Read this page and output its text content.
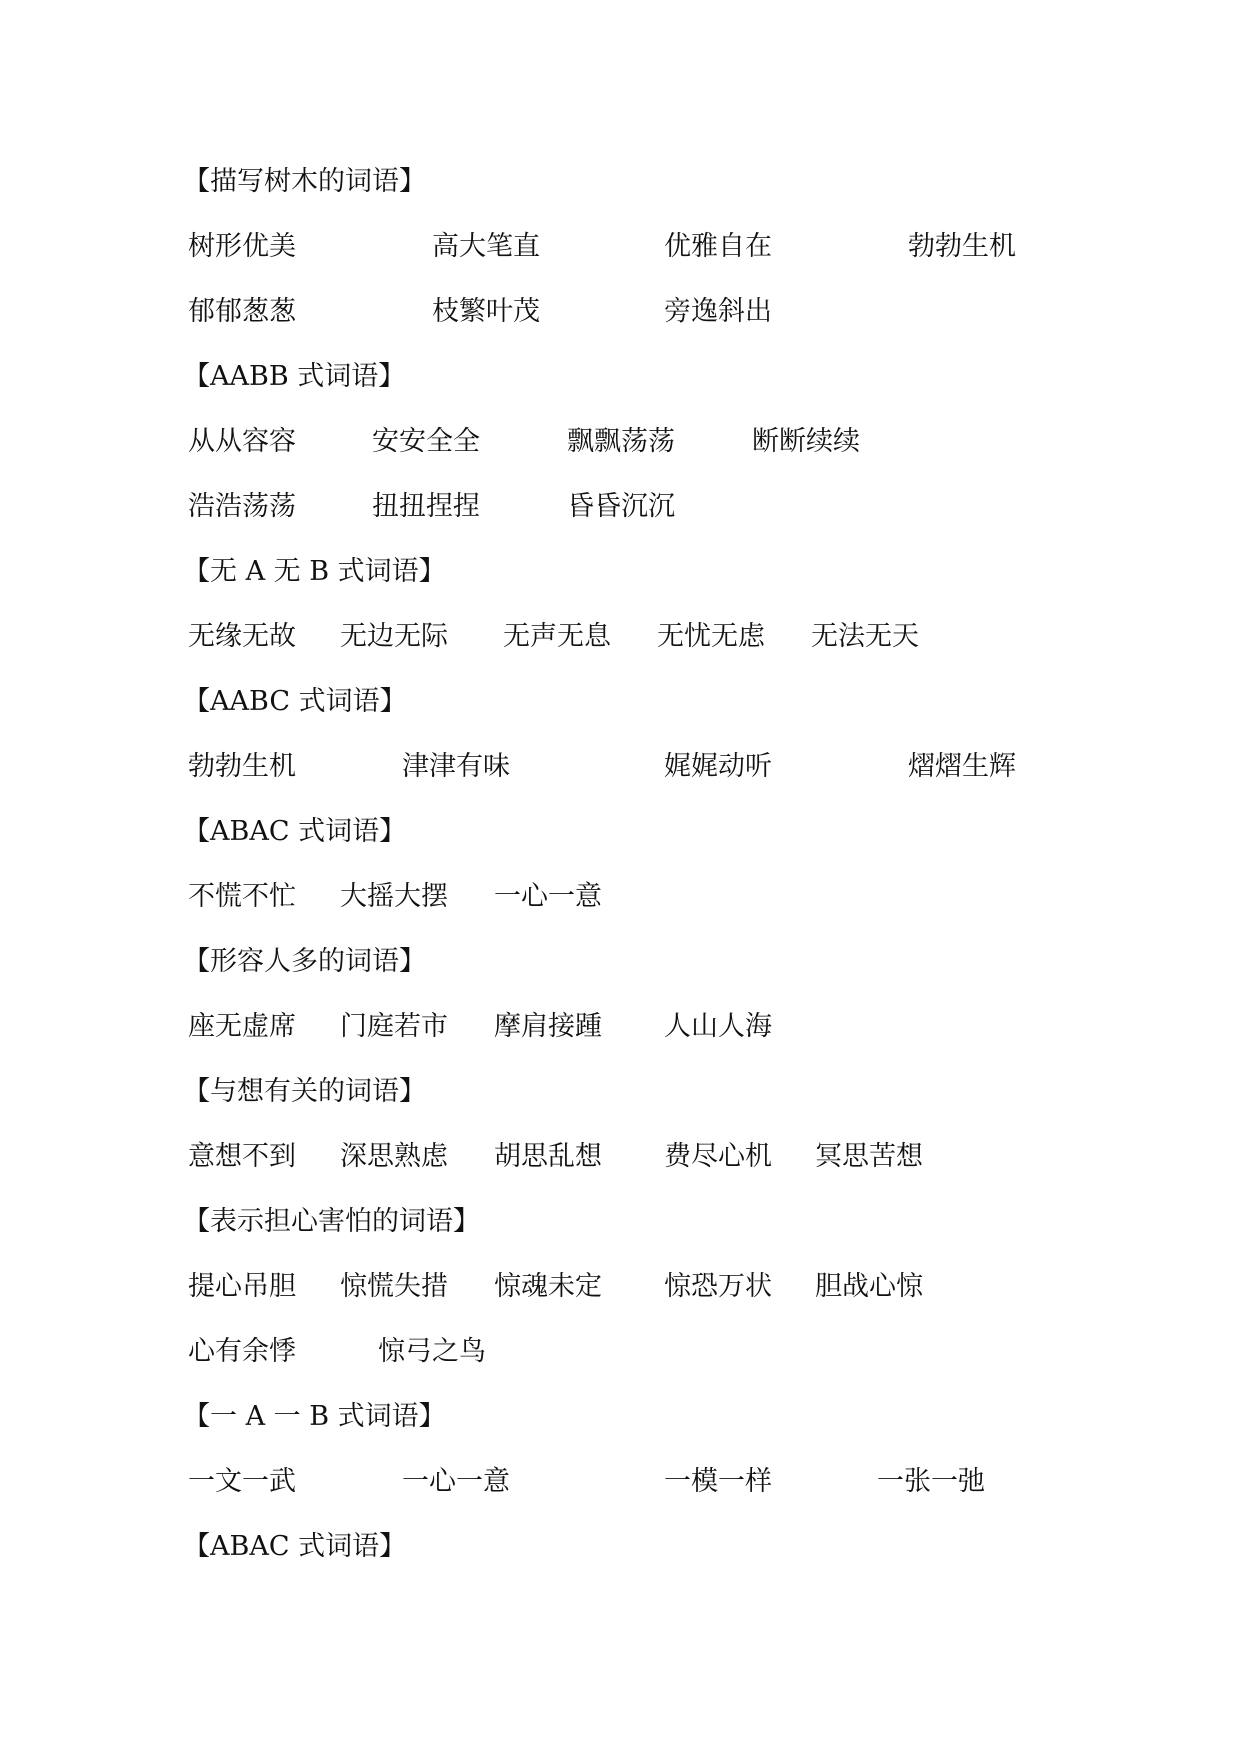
【描写树木的词语】
树形优美	高大笔直	优雅自在	勃勃生机
郁郁葱葱	枝繁叶茂	旁逸斜出
【AABB 式词语】
从从容容	安安全全	飘飘荡荡	断断续续
浩浩荡荡	扭扭捏捏	昏昏沉沉
【无 A 无 B 式词语】
无缘无故 无边无际 无声无息 无忧无虑 无法无天
【AABC 式词语】
勃勃生机	津津有味	娓娓动听	熠熠生辉
【ABAC 式词语】
不慌不忙 大摇大摆 一心一意
【形容人多的词语】
座无虚席 门庭若市 摩肩接踵 人山人海
【与想有关的词语】
意想不到 深思熟虑 胡思乱想 费尽心机 冥思苦想
【表示担心害怕的词语】
提心吊胆 惊慌失措 惊魂未定 惊恐万状 胆战心惊
心有余悸	惊弓之鸟
【一 A 一 B 式词语】
一文一武	一心一意	一模一样	一张一弛
【ABAC 式词语】
